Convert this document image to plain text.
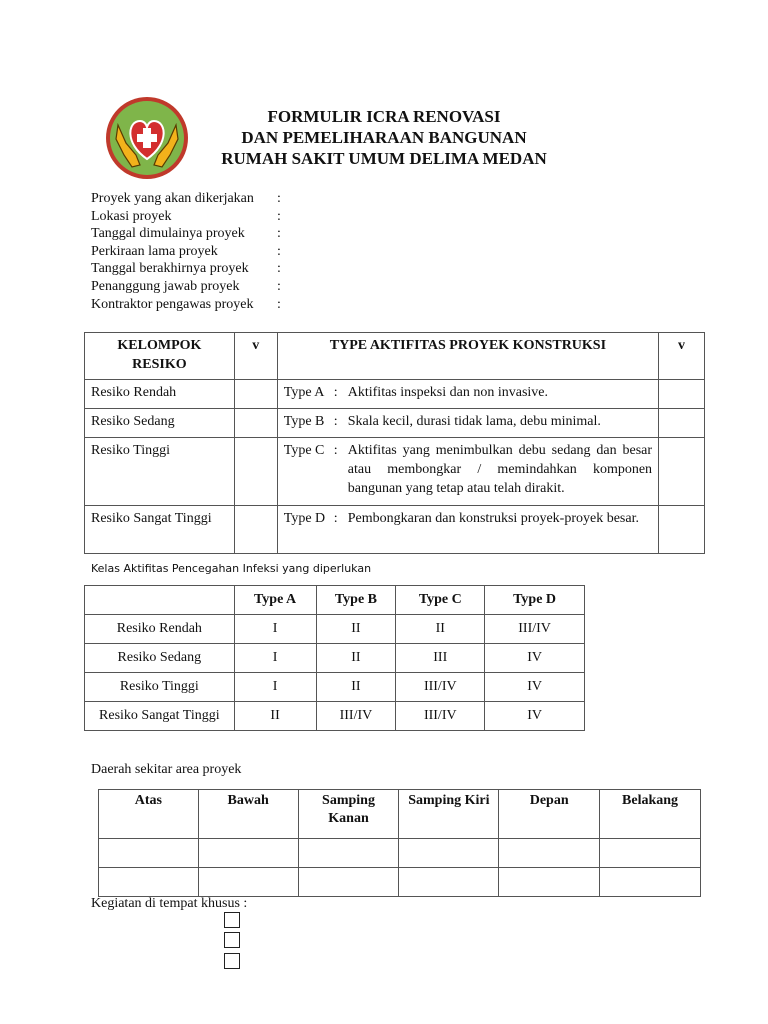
FORMULIR ICRA RENOVASI
DAN PEMELIHARAAN BANGUNAN
RUMAH SAKIT UMUM DELIMA MEDAN
Proyek yang akan dikerjakan :
Lokasi proyek	:
Tanggal dimulainya proyek :
Perkiraan lama proyek	:
Tanggal berakhirnya proyek :
Penanggung jawab proyek	:
Kontraktor pengawas proyek :
KELOMPOK RESIKO	v	TYPE AKTIFITAS PROYEK KONSTRUKSI	v
Resiko Rendah		Type A : Aktifitas inspeksi dan non invasive.	

Resiko Sedang		Type B : Skala kecil, durasi tidak lama, debu minimal.	

Resiko Tinggi		Type C : Aktifitas yang menimbulkan debu sedang dan besar atau membongkar / memindahkan komponen bangunan yang tetap atau telah dirakit.	

Resiko Sangat Tinggi		Type D : Pembongkaran dan konstruksi proyek-proyek besar.	

Kelas Aktifitas Pencegahan Infeksi yang diperlukan
	Type A	Type B	Type C	Type D
Resiko Rendah	I	II	II	III/IV
Resiko Sedang	I	II	III	IV
Resiko Tinggi	I	II	III/IV	IV
Resiko Sangat Tinggi	II	III/IV	III/IV	IV
Daerah sekitar area proyek
Atas	Bawah	Samping Kanan	Samping Kiri	Depan	Belakang

Kegiatan di tempat khusus :
